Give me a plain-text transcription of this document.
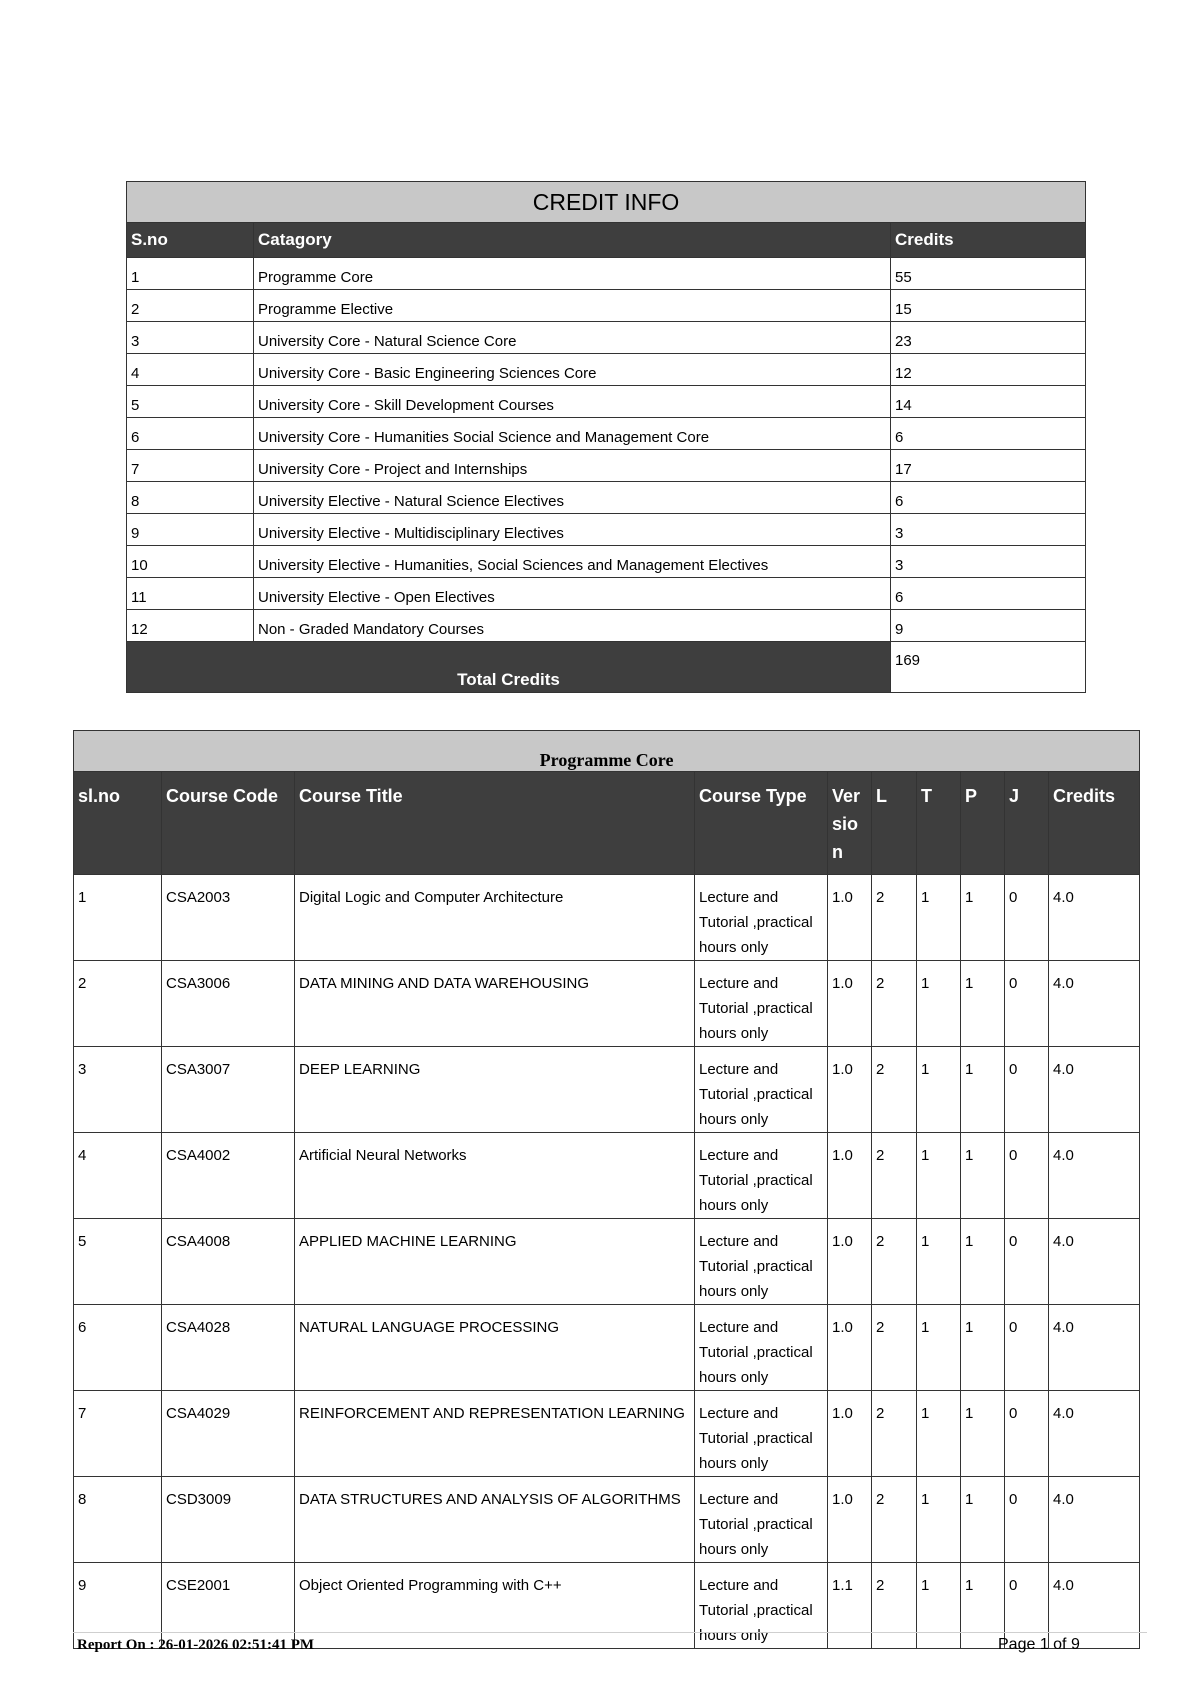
CREDIT INFO		
S.no	Catagory	Credits
1	Programme Core	55
2	Programme Elective	15
3	University Core - Natural Science Core	23
4	University Core - Basic Engineering Sciences Core	12
5	University Core - Skill Development Courses	14
6	University Core - Humanities Social Science and Management Core	6
7	University Core - Project and Internships	17
8	University Elective - Natural Science Electives	6
9	University Elective - Multidisciplinary Electives	3
10	University Elective - Humanities, Social Sciences and Management Electives	3
11	University Elective - Open Electives	6
12	Non - Graded Mandatory Courses	9
Total Credits		169
Programme Core									
sl.no	Course Code	Course Title	Course Type	Version	L	T	P	J	Credits
1	CSA2003	Digital Logic and Computer Architecture	Lecture and Tutorial ,practical hours only	1.0	2	1	1	0	4.0
2	CSA3006	DATA MINING AND DATA WAREHOUSING	Lecture and Tutorial ,practical hours only	1.0	2	1	1	0	4.0
3	CSA3007	DEEP LEARNING	Lecture and Tutorial ,practical hours only	1.0	2	1	1	0	4.0
4	CSA4002	Artificial Neural Networks	Lecture and Tutorial ,practical hours only	1.0	2	1	1	0	4.0
5	CSA4008	APPLIED MACHINE LEARNING	Lecture and Tutorial ,practical hours only	1.0	2	1	1	0	4.0
6	CSA4028	NATURAL LANGUAGE PROCESSING	Lecture and Tutorial ,practical hours only	1.0	2	1	1	0	4.0
7	CSA4029	REINFORCEMENT AND REPRESENTATION LEARNING	Lecture and Tutorial ,practical hours only	1.0	2	1	1	0	4.0
8	CSD3009	DATA STRUCTURES AND ANALYSIS OF ALGORITHMS	Lecture and Tutorial ,practical hours only	1.0	2	1	1	0	4.0
9	CSE2001	Object Oriented Programming with C++	Lecture and Tutorial ,practical hours only	1.1	2	1	1	0	4.0
Report On : 26-01-2026 02:51:41 PM	Page 1 of 9
